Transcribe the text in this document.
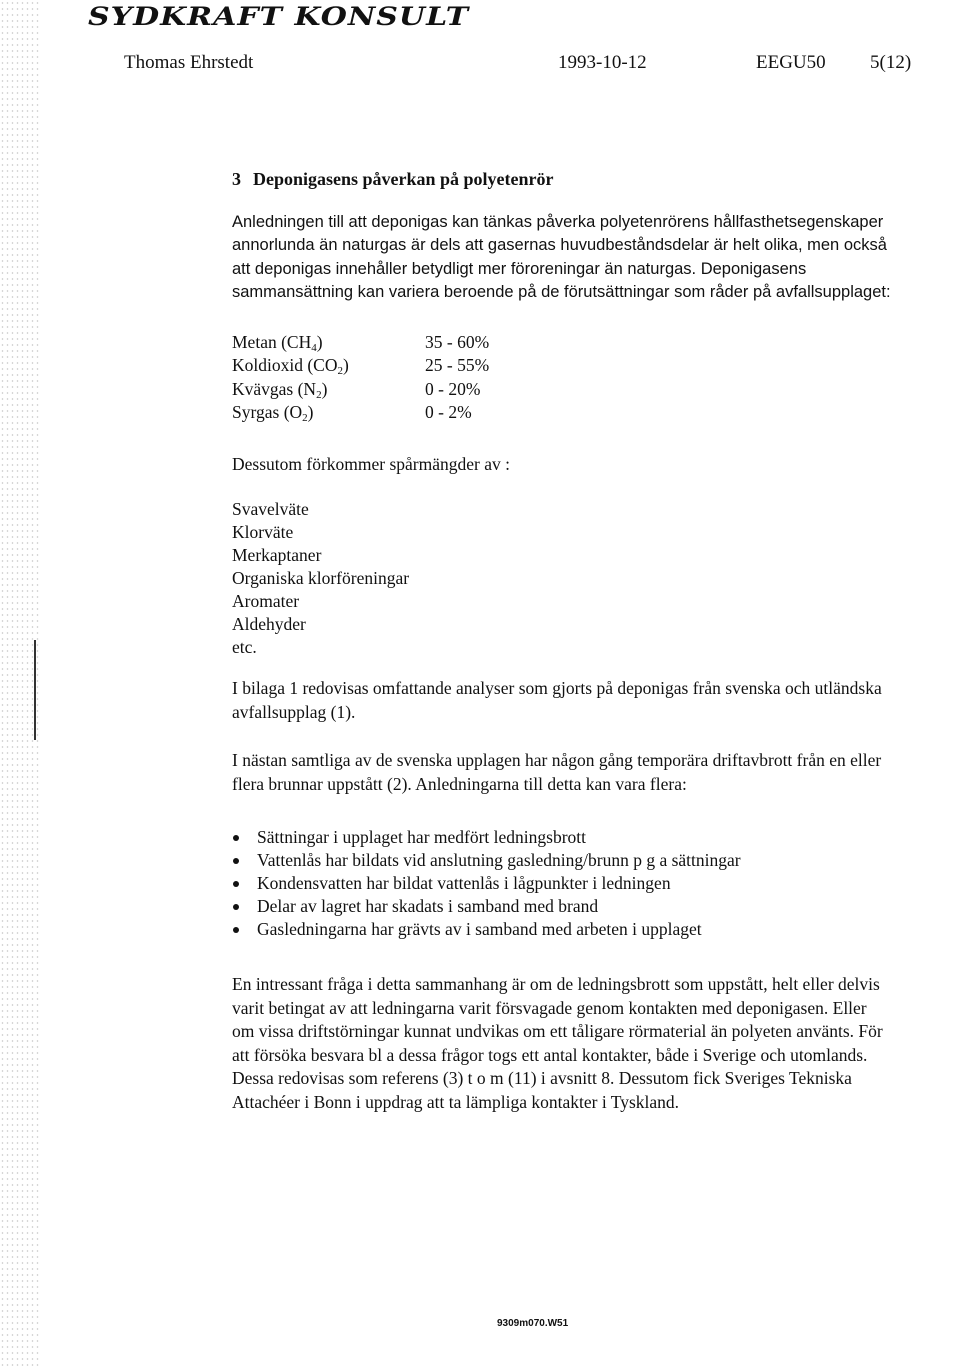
SYDKRAFT KONSULT
Thomas Ehrstedt	1993-10-12	EEGU50 5(12)
3 Deponigasens påverkan på polyetenrör

Anledningen till att deponigas kan tänkas påverka polyetenrörens hållfasthetsegenskaper annorlunda än naturgas är dels att gasernas huvudbeståndsdelar är helt olika, men också att deponigas innehåller betydligt mer föroreningar än naturgas. Deponigasens sammansättning kan variera beroende på de förutsättningar som råder på avfallsupplaget:

Metan $(CH_4)$	35 - 60%
Koldioxid $(CO_2)$	25 - 55%
Kvävgas $(N_2)$	0 - 20%
Syrgas $(O_2)$	0 - 2%

Dessutom förkommer spårmängder av :

Svavelväte
Klorväte
Merkaptaner
Organiska klorföreningar
Aromater
Aldehyder
etc.

I bilaga 1 redovisas omfattande analyser som gjorts på deponigas från svenska och utländska avfallsupplag (1).

I nästan samtliga av de svenska upplagen har någon gång temporära driftavbrott från en eller flera brunnar uppstått (2). Anledningarna till detta kan vara flera:

Sättningar i upplaget har medfört ledningsbrott
Vattenlås har bildats vid anslutning gasledning/brunn p g a sättningar
Kondensvatten har bildat vattenlås i lågpunkter i ledningen
Delar av lagret har skadats i samband med brand
Gasledningarna har grävts av i samband med arbeten i upplaget

En intressant fråga i detta sammanhang är om de ledningsbrott som uppstått, helt eller delvis varit betingat av att ledningarna varit försvagade genom kontakten med deponigasen. Eller om vissa driftstörningar kunnat undvikas om ett tåligare rörmaterial än polyeten använts. För att försöka besvara bl a dessa frågor togs ett antal kontakter, både i Sverige och utomlands. Dessa redovisas som referens (3) t o m (11) i avsnitt 8. Dessutom fick Sveriges Tekniska Attachéer i Bonn i uppdrag att ta lämpliga kontakter i Tyskland.

9309m070.W51
